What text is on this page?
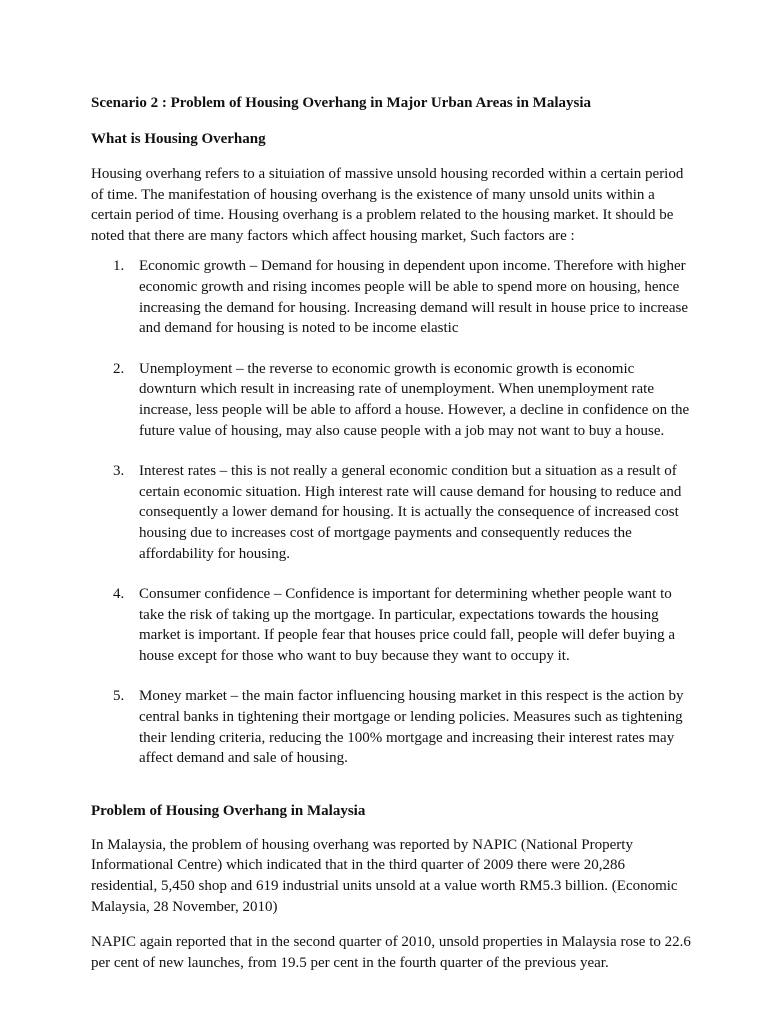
Scenario 2 : Problem of Housing Overhang in Major Urban Areas in Malaysia
What is Housing Overhang

Housing overhang refers to a situiation of massive unsold housing recorded within a certain period of time. The manifestation of housing overhang is the existence of many unsold units within a certain period of time. Housing overhang is a problem related to the housing market. It should be noted that there are many factors which affect housing market, Such factors are :

1. Economic growth – Demand for housing in dependent upon income. Therefore with higher economic growth and rising incomes people will be able to spend more on housing, hence increasing the demand for housing. Increasing demand will result in house price to increase and demand for housing is noted to be income elastic
2. Unemployment – the reverse to economic growth is economic growth is economic downturn which result in increasing rate of unemployment. When unemployment rate increase, less people will be able to afford a house. However, a decline in confidence on the future value of housing, may also cause people with a job may not want to buy a house.
3. Interest rates – this is not really a general economic condition but a situation as a result of certain economic situation. High interest rate will cause demand for housing to reduce and consequently a lower demand for housing. It is actually the consequence of increased cost housing due to increases cost of mortgage payments and consequently reduces the affordability for housing.
4. Consumer confidence – Confidence is important for determining whether people want to take the risk of taking up the mortgage. In particular, expectations towards the housing market is important. If people fear that houses price could fall, people will defer buying a house except for those who want to buy because they want to occupy it.
5. Money market – the main factor influencing housing market in this respect is the action by central banks in tightening their mortgage or lending policies. Measures such as tightening their lending criteria, reducing the 100% mortgage and increasing their interest rates may affect demand and sale of housing.
Problem of Housing Overhang in Malaysia

In Malaysia, the problem of housing overhang was reported by NAPIC (National Property Informational Centre) which indicated that in the third quarter of 2009 there were 20,286 residential, 5,450 shop and 619 industrial units unsold at a value worth RM5.3 billion. (Economic Malaysia, 28 November, 2010)

NAPIC again reported that in the second quarter of 2010, unsold properties in Malaysia rose to 22.6 per cent of new launches, from 19.5 per cent in the fourth quarter of the previous year.
